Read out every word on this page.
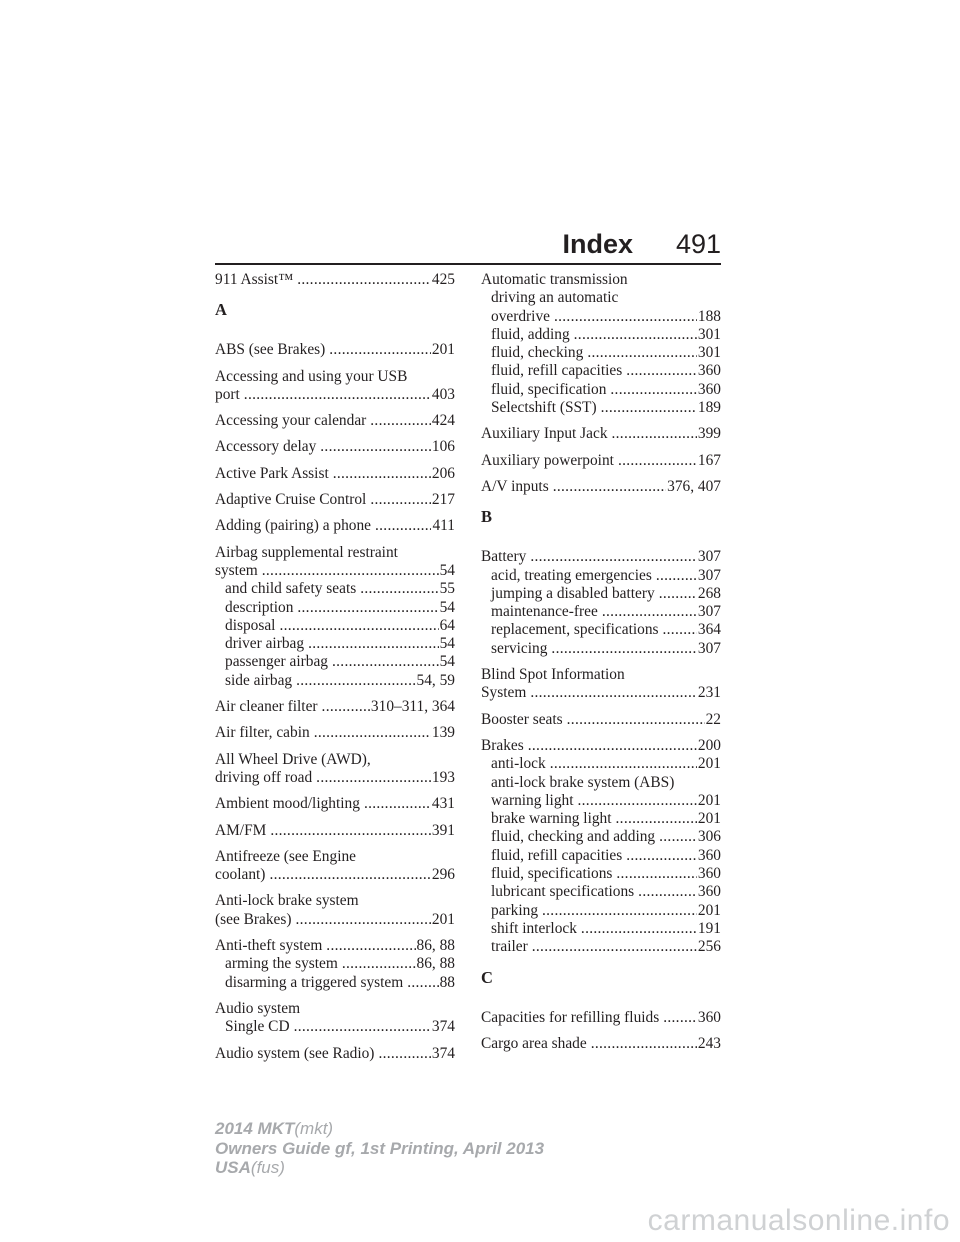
Index 491
911 Assist™ .....	425
A
ABS (see Brakes) .....	201
Accessing and using your USB
port .....	403
Accessing your calendar .....	424
Accessory delay .....	106
Active Park Assist .....	206
Adaptive Cruise Control .....	217
Adding (pairing) a phone .....	411
Airbag supplemental restraint
system .....	54
and child safety seats .....	55
description .....	54
disposal .....	64
driver airbag .....	54
passenger airbag .....	54
side airbag .....	54, 59
Air cleaner filter .....	310–311, 364
Air filter, cabin .....	139
All Wheel Drive (AWD),
driving off road .....	193
Ambient mood/lighting .....	431
AM/FM .....	391
Antifreeze (see Engine
coolant) .....	296
Anti-lock brake system
(see Brakes) .....	201
Anti-theft system .....	86, 88
arming the system .....	86, 88
disarming a triggered system ..... 88
Audio system
Single CD .....	374
Audio system (see Radio) .....	374
Automatic transmission
driving an automatic
overdrive .....	188
fluid, adding .....	301
fluid, checking .....	301
fluid, refill capacities .....	360
fluid, specification .....	360
Selectshift (SST) .....	189
Auxiliary Input Jack .....	399
Auxiliary powerpoint .....	167
A/V inputs .....	376, 407
B
Battery .....	307
acid, treating emergencies .....	307
jumping a disabled battery .....	268
maintenance-free .....	307
replacement, specifications .....	364
servicing .....	307
Blind Spot Information
System .....	231
Booster seats .....	22
Brakes .....	200
anti-lock .....	201
anti-lock brake system (ABS)
warning light .....	201
brake warning light .....	201
fluid, checking and adding .....	306
fluid, refill capacities .....	360
fluid, specifications .....	360
lubricant specifications .....	360
parking .....	201
shift interlock .....	191
trailer .....	256
C
Capacities for refilling fluids .....	360
Cargo area shade .....	243
2014 MKT(mkt)
Owners Guide gf, 1st Printing, April 2013
USA(fus)
carmanualsonline.info
